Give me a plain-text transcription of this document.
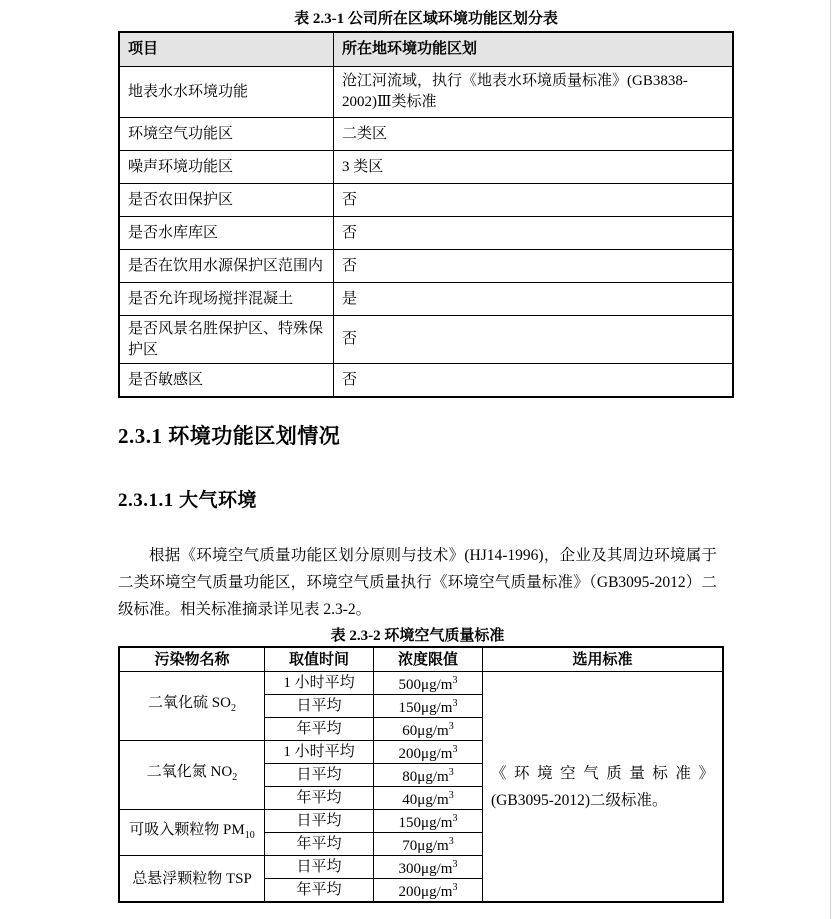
表 2.3-1 公司所在区域环境功能区划分表
项目	所在地环境功能区划
地表水水环境功能	沧江河流域，执行《地表水环境质量标准》(GB3838-2002)Ⅲ类标准
环境空气功能区	二类区
噪声环境功能区	3 类区
是否农田保护区	否
是否水库库区	否
是否在饮用水源保护区范围内	否
是否允许现场搅拌混凝土	是
是否风景名胜保护区、特殊保护区	否
是否敏感区	否
2.3.1 环境功能区划情况
2.3.1.1 大气环境
根据《环境空气质量功能区划分原则与技术》(HJ14-1996)，企业及其周边环境属于二类环境空气质量功能区，环境空气质量执行《环境空气质量标准》（GB3095-2012）二级标准。相关标准摘录详见表 2.3-2。
表 2.3-2 环境空气质量标准
污染物名称	取值时间	浓度限值	选用标准
二氧化硫 $SO_2$	1 小时平均	$500\mu g/m^3$	《环境空气质量标准》
(GB3095-2012)二级标准。

	日平均	$150\mu g/m^3$
	年平均	$60\mu g/m^3$
二氧化氮 $NO_2$	1 小时平均	$200\mu g/m^3$
	日平均	$80\mu g/m^3$
	年平均	$40\mu g/m^3$
可吸入颗粒物 $PM_{10}$	日平均	$150\mu g/m^3$
	年平均	$70\mu g/m^3$
总悬浮颗粒物 TSP	日平均	$300\mu g/m^3$
	年平均	$200\mu g/m^3$
